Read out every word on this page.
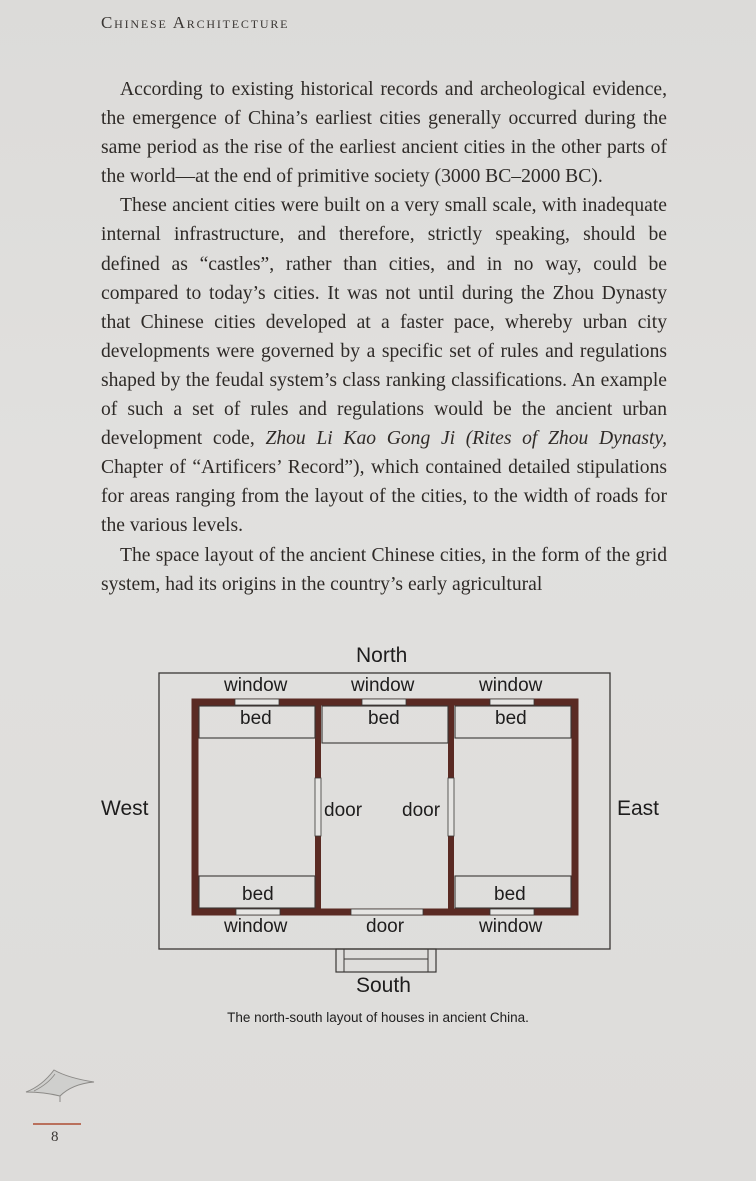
Chinese Architecture

According to existing historical records and archeological evidence, the emergence of China’s earliest cities generally occurred during the same period as the rise of the earliest ancient cities in the other parts of the world—at the end of primitive society (3000 BC–2000 BC).

These ancient cities were built on a very small scale, with inadequate internal infrastructure, and therefore, strictly speaking, should be defined as “castles”, rather than cities, and in no way, could be compared to today’s cities. It was not until during the Zhou Dynasty that Chinese cities developed at a faster pace, whereby urban city developments were governed by a specific set of rules and regulations shaped by the feudal system’s class ranking classifications. An example of such a set of rules and regulations would be the ancient urban development code, Zhou Li Kao Gong Ji (Rites of Zhou Dynasty, Chapter of “Artificers’ Record”), which contained detailed stipulations for areas ranging from the layout of the cities, to the width of roads for the various levels.

The space layout of the ancient Chinese cities, in the form of the grid system, had its origins in the country’s early agricultural

North
South
West	East
window	window	window
bed	bed	bed
door door
bed	bed
window	door	window
The north-south layout of houses in ancient China.
8
